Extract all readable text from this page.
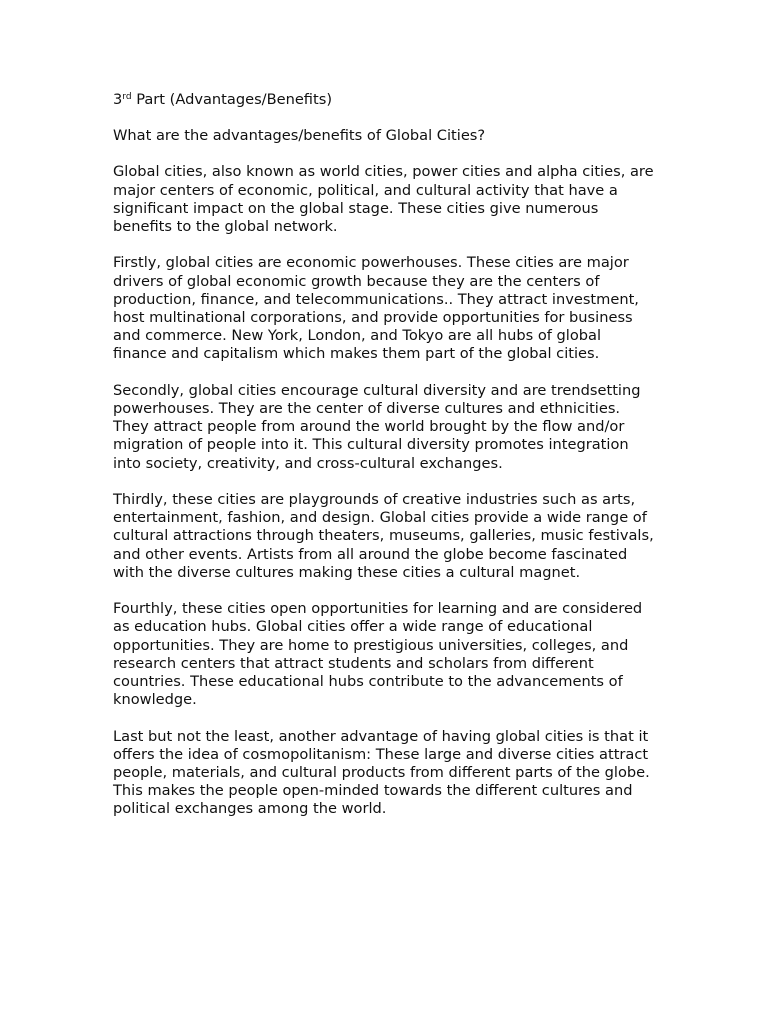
3rd Part (Advantages/Benefits)
What are the advantages/benefits of Global Cities?
Global cities, also known as world cities, power cities and alpha cities, are major centers of economic, political, and cultural activity that have a significant impact on the global stage. These cities give numerous benefits to the global network.
Firstly, global cities are economic powerhouses. These cities are major drivers of global economic growth because they are the centers of production, finance, and telecommunications.. They attract investment, host multinational corporations, and provide opportunities for business and commerce. New York, London, and Tokyo are all hubs of global finance and capitalism which makes them part of the global cities.
Secondly, global cities encourage cultural diversity and are trendsetting powerhouses. They are the center of diverse cultures and ethnicities. They attract people from around the world brought by the flow and/or migration of people into it. This cultural diversity promotes integration into society, creativity, and cross-cultural exchanges.
Thirdly, these cities are playgrounds of creative industries such as arts, entertainment, fashion, and design. Global cities provide a wide range of cultural attractions through theaters, museums, galleries, music festivals, and other events. Artists from all around the globe become fascinated with the diverse cultures making these cities a cultural magnet.
Fourthly, these cities open opportunities for learning and are considered as education hubs. Global cities offer a wide range of educational opportunities. They are home to prestigious universities, colleges, and research centers that attract students and scholars from different countries. These educational hubs contribute to the advancements of knowledge.
Last but not the least, another advantage of having global cities is that it offers the idea of cosmopolitanism: These large and diverse cities attract people, materials, and cultural products from different parts of the globe. This makes the people open-minded towards the different cultures and political exchanges among the world.
